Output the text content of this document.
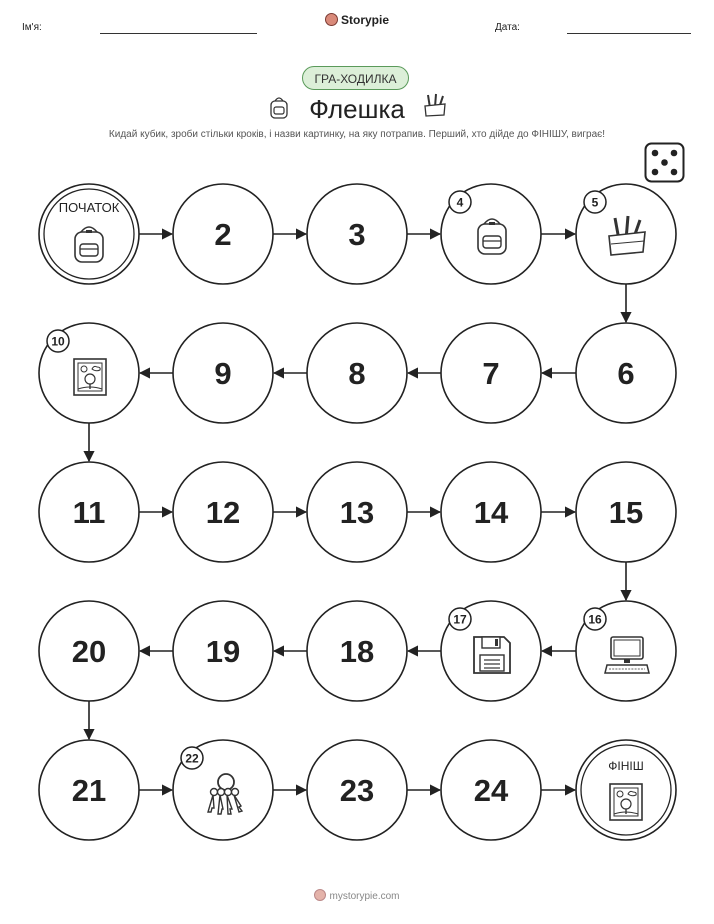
Ім'я:
Storypie
Дата:
ГРА-ХОДИЛКА
Флешка
Кидай кубик, зроби стільки кроків, і назви картинку, на яку потрапив. Перший, хто дійде до ФІНІШУ, виграє!
ПОЧАТОК
2	3
4	5
6
7
8
9
10
11	12	13	14	15
16
17
18
19
20
21
22
23	24
ФІНІШ
mystorypie.com
